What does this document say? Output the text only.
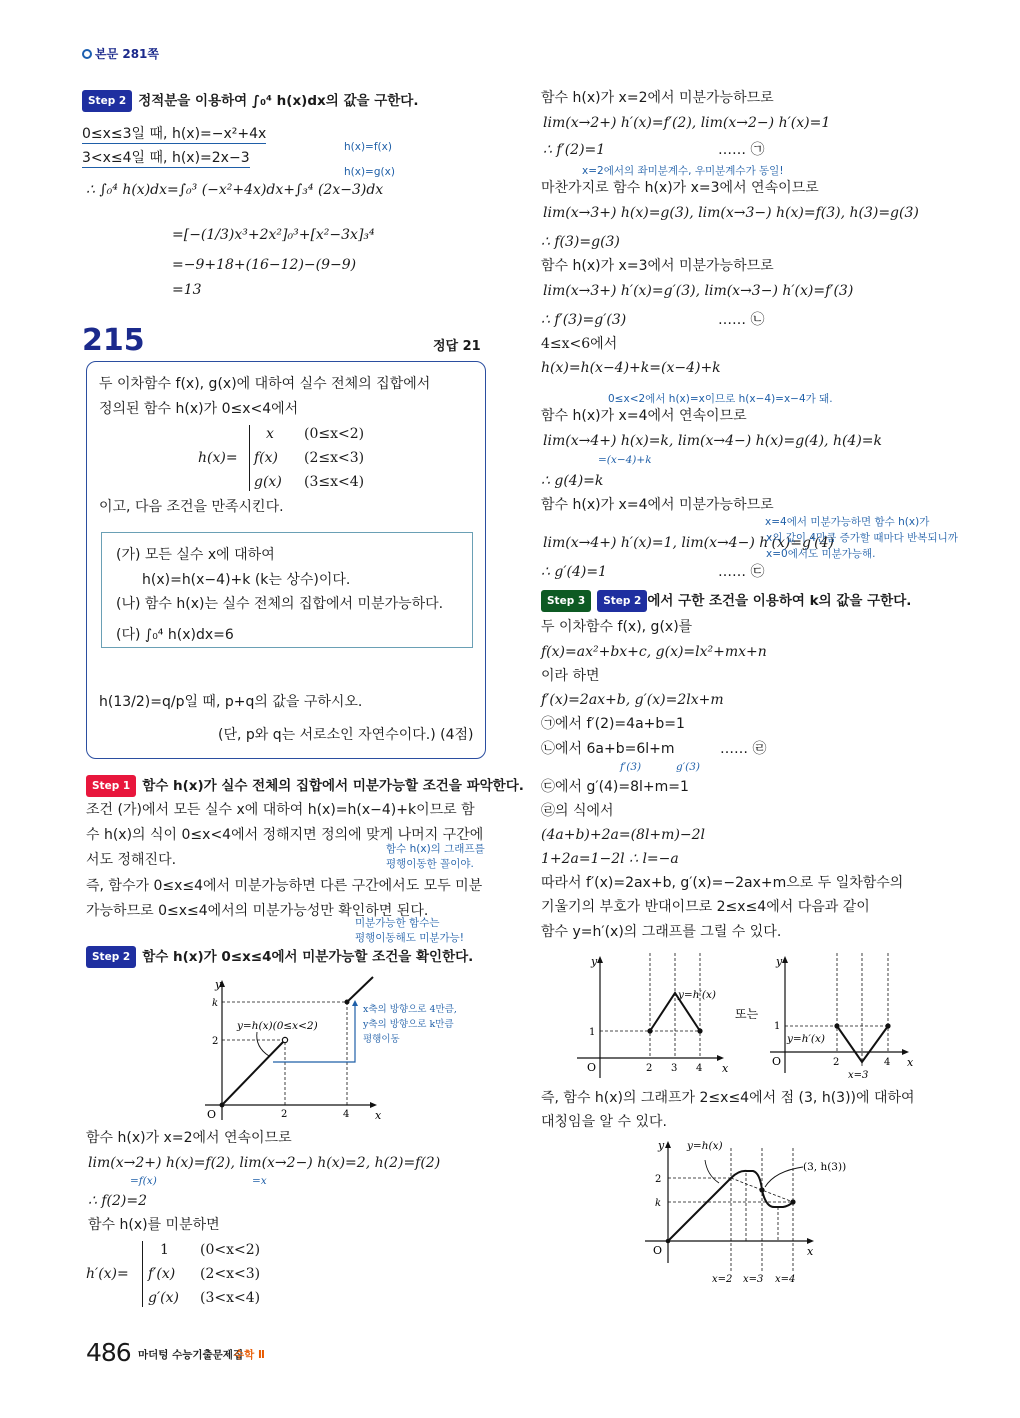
본문 281쪽
Step 2 정적분을 이용하여 ∫₀⁴ h(x)dx의 값을 구한다.
0≤x≤3일 때, h(x)=−x²+4x
h(x)=f(x)
3<x≤4일 때, h(x)=2x−3
h(x)=g(x)
∴ ∫₀⁴ h(x)dx=∫₀³ (−x²+4x)dx+∫₃⁴ (2x−3)dx
=[−(1/3)x³+2x²]₀³+[x²−3x]₃⁴
=−9+18+(16−12)−(9−9)
=13
215	정답 21
두 이차함수 f(x), g(x)에 대하여 실수 전체의 집합에서
정의된 함수 h(x)가 0≤x<4에서
h(x)=
x (0≤x<2)
f(x) (2≤x<3)
g(x) (3≤x<4)
이고, 다음 조건을 만족시킨다.
(가) 모든 실수 x에 대하여
h(x)=h(x−4)+k (k는 상수)이다.
(나) 함수 h(x)는 실수 전체의 집합에서 미분가능하다.
(다) ∫₀⁴ h(x)dx=6
h(13/2)=q/p일 때, p+q의 값을 구하시오.
(단, p와 q는 서로소인 자연수이다.) (4점)
Step 1 함수 h(x)가 실수 전체의 집합에서 미분가능할 조건을 파악한다.
조건 (가)에서 모든 실수 x에 대하여 h(x)=h(x−4)+k이므로 함
수 h(x)의 식이 0≤x<4에서 정해지면 정의에 맞게 나머지 구간에
함수 h(x)의 그래프를
평행이동한 꼴이야.
서도 정해진다.
즉, 함수가 0≤x≤4에서 미분가능하면 다른 구간에서도 모두 미분
가능하므로 0≤x≤4에서의 미분가능성만 확인하면 된다.
미분가능한 함수는
평행이동해도 미분가능!
Step 2 함수 h(x)가 0≤x≤4에서 미분가능할 조건을 확인한다.
y
x
O	2	4
2
k
y=h(x)(0≤x<2)
x축의 방향으로 4만큼,
y축의 방향으로 k만큼
평행이동
함수 h(x)가 x=2에서 연속이므로
lim(x→2+) h(x)=f(2), lim(x→2−) h(x)=2, h(2)=f(2)
=f(x)	=x
∴ f(2)=2
함수 h(x)를 미분하면
h′(x)=
1 (0<x<2)
f′(x) (2<x<3)
g′(x) (3<x<4)
486 마더텅 수능기출문제집
수학 Ⅱ
함수 h(x)가 x=2에서 미분가능하므로
lim(x→2+) h′(x)=f′(2), lim(x→2−) h′(x)=1
∴ f′(2)=1	…… ㉠
x=2에서의 좌미분계수, 우미분계수가 동일!
마찬가지로 함수 h(x)가 x=3에서 연속이므로
lim(x→3+) h(x)=g(3), lim(x→3−) h(x)=f(3), h(3)=g(3)
∴ f(3)=g(3)
함수 h(x)가 x=3에서 미분가능하므로
lim(x→3+) h′(x)=g′(3), lim(x→3−) h′(x)=f′(3)
∴ f′(3)=g′(3)	…… ㉡
4≤x<6에서
h(x)=h(x−4)+k=(x−4)+k
0≤x<2에서 h(x)=x이므로 h(x−4)=x−4가 돼.
함수 h(x)가 x=4에서 연속이므로
lim(x→4+) h(x)=k, lim(x→4−) h(x)=g(4), h(4)=k
=(x−4)+k
∴ g(4)=k
함수 h(x)가 x=4에서 미분가능하므로
x=4에서 미분가능하면 함수 h(x)가
lim(x→4+) h′(x)=1, lim(x→4−) h′(x)=g′(4)
x의 값이 4만큼 증가할 때마다 반복되니까
x=0에서도 미분가능해.
∴ g′(4)=1	…… ㉢
Step 3 Step 2 에서 구한 조건을 이용하여 k의 값을 구한다.
두 이차함수 f(x), g(x)를
f(x)=ax²+bx+c, g(x)=lx²+mx+n
이라 하면
f′(x)=2ax+b, g′(x)=2lx+m
㉠에서 f′(2)=4a+b=1
㉡에서 6a+b=6l+m	…… ㉣
f′(3)	g′(3)
㉢에서 g′(4)=8l+m=1
㉣의 식에서
(4a+b)+2a=(8l+m)−2l
1+2a=1−2l ∴ l=−a
따라서 f′(x)=2ax+b, g′(x)=−2ax+m으로 두 일차함수의
기울기의 부호가 반대이므로 2≤x≤4에서 다음과 같이
함수 y=h′(x)의 그래프를 그릴 수 있다.
y
x
O
1
2 3 4
y=h′(x)
또는
y
x
O
1
2	4
y=h′(x)
x=3
즉, 함수 h(x)의 그래프가 2≤x≤4에서 점 (3, h(3))에 대하여
대칭임을 알 수 있다.
y
x
O
2
k
y=h(x)
(3, h(3))
x=2 x=3 x=4
